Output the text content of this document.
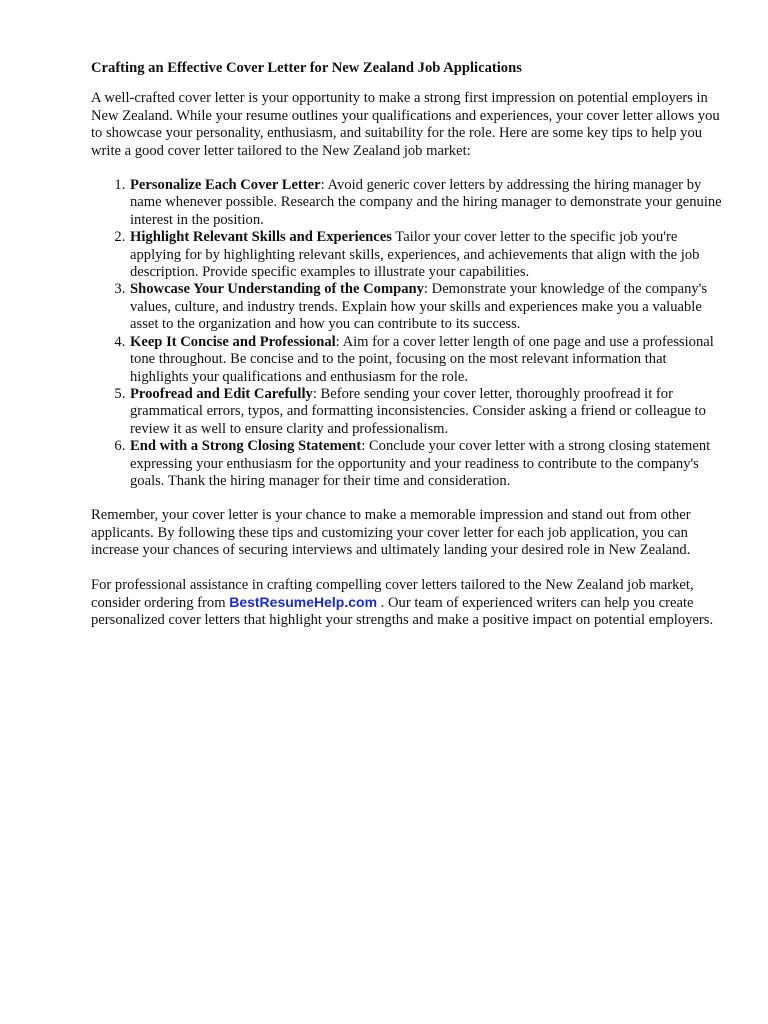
Crafting an Effective Cover Letter for New Zealand Job Applications

A well-crafted cover letter is your opportunity to make a strong first impression on potential employers in New Zealand. While your resume outlines your qualifications and experiences, your cover letter allows you to showcase your personality, enthusiasm, and suitability for the role. Here are some key tips to help you write a good cover letter tailored to the New Zealand job market:

1. Personalize Each Cover Letter: Avoid generic cover letters by addressing the hiring manager by name whenever possible. Research the company and the hiring manager to demonstrate your genuine interest in the position.
2. Highlight Relevant Skills and Experiences Tailor your cover letter to the specific job you're applying for by highlighting relevant skills, experiences, and achievements that align with the job description. Provide specific examples to illustrate your capabilities.
3. Showcase Your Understanding of the Company: Demonstrate your knowledge of the company's values, culture, and industry trends. Explain how your skills and experiences make you a valuable asset to the organization and how you can contribute to its success.
4. Keep It Concise and Professional: Aim for a cover letter length of one page and use a professional tone throughout. Be concise and to the point, focusing on the most relevant information that highlights your qualifications and enthusiasm for the role.
5. Proofread and Edit Carefully: Before sending your cover letter, thoroughly proofread it for grammatical errors, typos, and formatting inconsistencies. Consider asking a friend or colleague to review it as well to ensure clarity and professionalism.
6. End with a Strong Closing Statement: Conclude your cover letter with a strong closing statement expressing your enthusiasm for the opportunity and your readiness to contribute to the company's goals. Thank the hiring manager for their time and consideration.

Remember, your cover letter is your chance to make a memorable impression and stand out from other applicants. By following these tips and customizing your cover letter for each job application, you can increase your chances of securing interviews and ultimately landing your desired role in New Zealand.

For professional assistance in crafting compelling cover letters tailored to the New Zealand job market, consider ordering from BestResumeHelp.com . Our team of experienced writers can help you create personalized cover letters that highlight your strengths and make a positive impact on potential employers.
